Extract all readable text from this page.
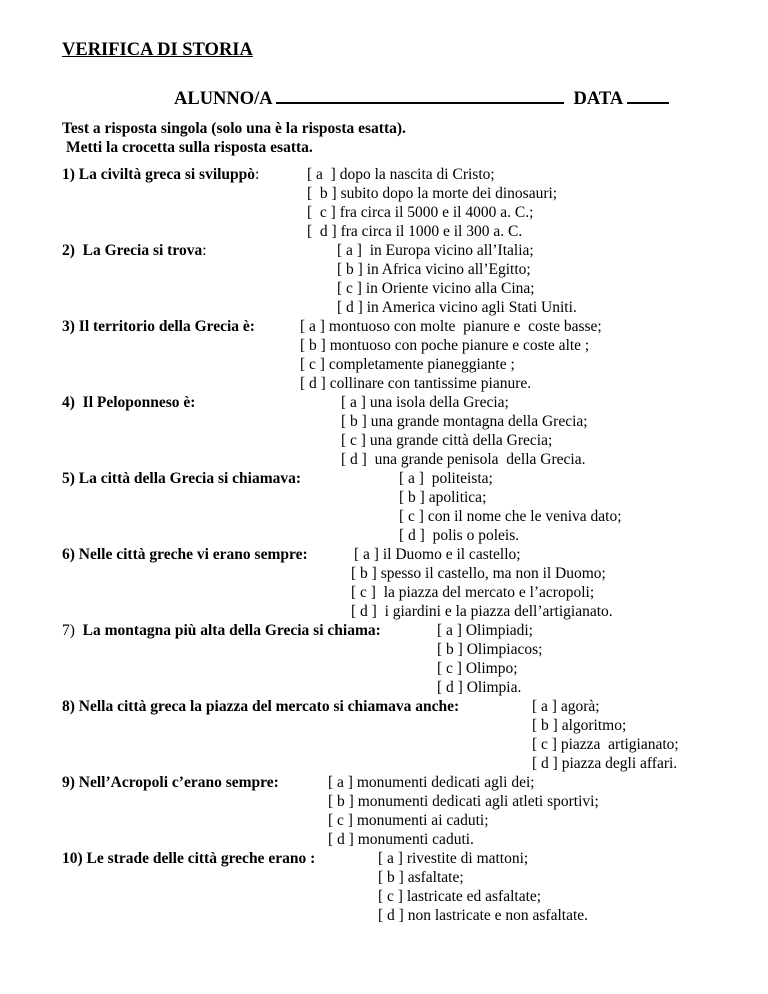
VERIFICA DI STORIA
ALUNNO/A	DATA
Test a risposta singola (solo una è la risposta esatta).
Metti la crocetta sulla risposta esatta.
1) La civiltà greca si sviluppò:	[ a  ] dopo la nascita di Cristo;
[  b ] subito dopo la morte dei dinosauri;
[  c ] fra circa il 5000 e il 4000 a. C.;
[  d ] fra circa il 1000 e il 300 a. C.
2)  La Grecia si trova:	[ a ]  in Europa vicino all’Italia;
[ b ] in Africa vicino all’Egitto;
[ c ] in Oriente vicino alla Cina;
[ d ] in America vicino agli Stati Uniti.
3) Il territorio della Grecia è:	[ a ] montuoso con molte  pianure e  coste basse;
[ b ] montuoso con poche pianure e coste alte ;
[ c ] completamente pianeggiante ;
[ d ] collinare con tantissime pianure.
4)  Il Peloponneso è:	[ a ] una isola della Grecia;
[ b ] una grande montagna della Grecia;
[ c ] una grande città della Grecia;
[ d ]  una grande penisola  della Grecia.
5) La città della Grecia si chiamava:	[ a ]  politeista;
[ b ] apolitica;
[ c ] con il nome che le veniva dato;
[ d ]  polis o poleis.
6) Nelle città greche vi erano sempre:	[ a ] il Duomo e il castello;
[ b ] spesso il castello, ma non il Duomo;
[ c ]  la piazza del mercato e l’acropoli;
[ d ]  i giardini e la piazza dell’artigianato.
7)  La montagna più alta della Grecia si chiama:	[ a ] Olimpiadi;
[ b ] Olimpiacos;
[ c ] Olimpo;
[ d ] Olimpia.
8) Nella città greca la piazza del mercato si chiamava anche:	[ a ] agorà;
[ b ] algoritmo;
[ c ] piazza  artigianato;
[ d ] piazza degli affari.
9) Nell’Acropoli c’erano sempre:	[ a ] monumenti dedicati agli dei;
[ b ] monumenti dedicati agli atleti sportivi;
[ c ] monumenti ai caduti;
[ d ] monumenti caduti.
10) Le strade delle città greche erano :	[ a ] rivestite di mattoni;
[ b ] asfaltate;
[ c ] lastricate ed asfaltate;
[ d ] non lastricate e non asfaltate.
